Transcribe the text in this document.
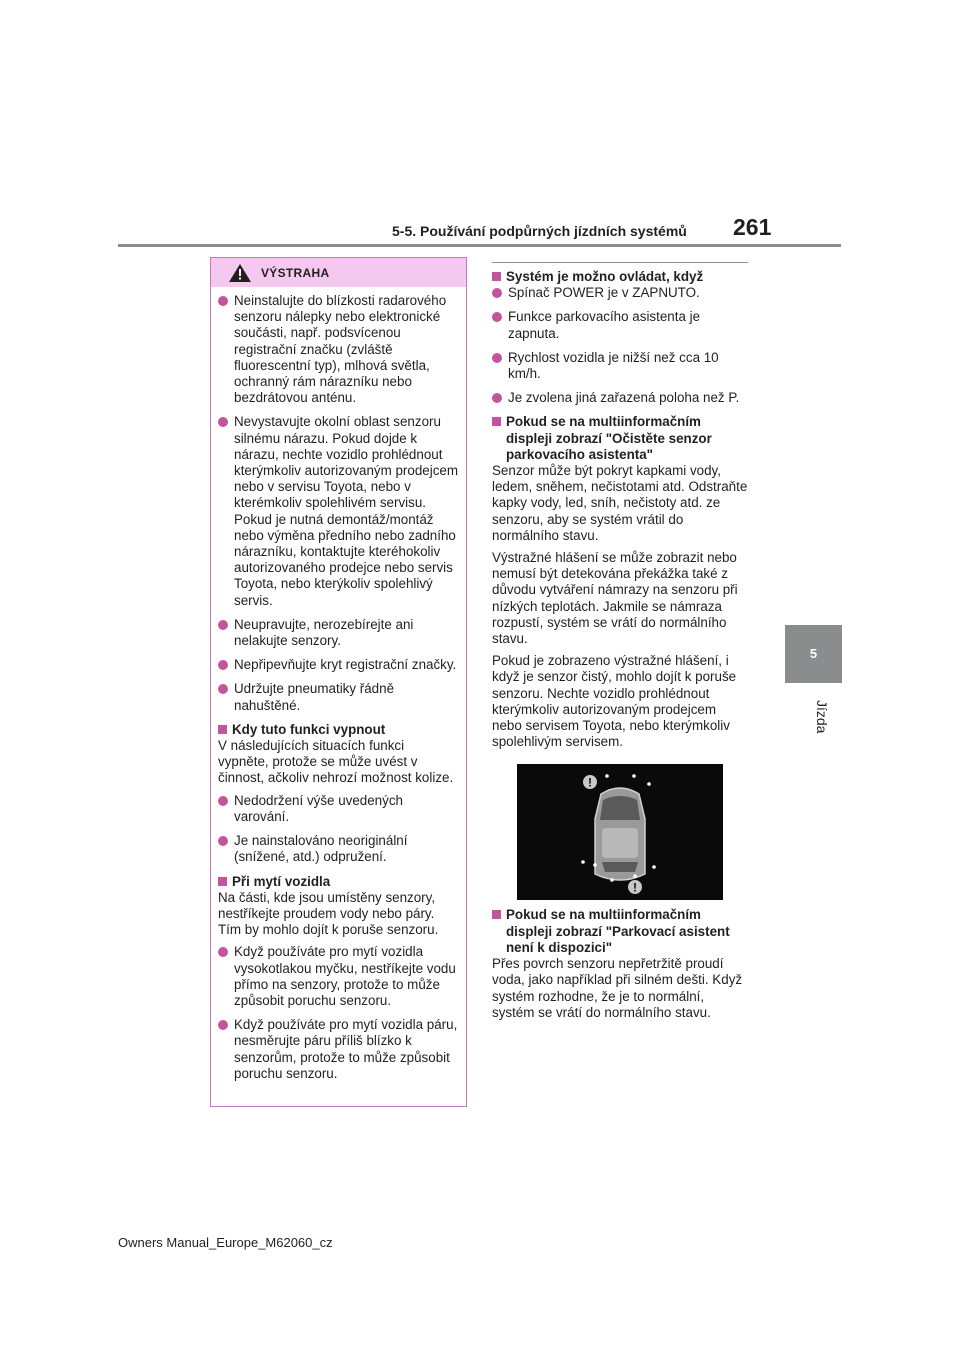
5-5. Používání podpůrných jízdních systémů 261
5
Jízda
VÝSTRAHA

Neinstalujte do blízkosti radarového senzoru nálepky nebo elektronické součásti, např. podsvícenou registrační značku (zvláště fluorescentní typ), mlhová světla, ochranný rám nárazníku nebo bezdrátovou anténu.

Nevystavujte okolní oblast senzoru silnému nárazu. Pokud dojde k nárazu, nechte vozidlo prohlédnout kterýmkoliv autorizovaným prodejcem nebo v servisu Toyota, nebo v kterémkoliv spolehlivém servisu. Pokud je nutná demontáž/montáž nebo výměna předního nebo zadního nárazníku, kontaktujte kteréhokoliv autorizovaného prodejce nebo servis Toyota, nebo kterýkoliv spolehlivý servis.

Neupravujte, nerozebírejte ani nelakujte senzory.

Nepřipevňujte kryt registrační značky.

Udržujte pneumatiky řádně nahuštěné.

Kdy tuto funkci vypnout

V následujících situacích funkci vypněte, protože se může uvést v činnost, ačkoliv nehrozí možnost kolize.

Nedodržení výše uvedených varování.

Je nainstalováno neoriginální (snížené, atd.) odpružení.

Při mytí vozidla

Na části, kde jsou umístěny senzory, nestříkejte proudem vody nebo páry. Tím by mohlo dojít k poruše senzoru.

Když používáte pro mytí vozidla vysokotlakou myčku, nestříkejte vodu přímo na senzory, protože to může způsobit poruchu senzoru.

Když používáte pro mytí vozidla páru, nesměrujte páru příliš blízko k senzorům, protože to může způsobit poruchu senzoru.

Systém je možno ovládat, když

Spínač POWER je v ZAPNUTO.

Funkce parkovacího asistenta je zapnuta.

Rychlost vozidla je nižší než cca 10 km/h.

Je zvolena jiná zařazená poloha než P.

Pokud se na multiinformačním displeji zobrazí "Očistěte senzor parkovacího asistenta"

Senzor může být pokryt kapkami vody, ledem, sněhem, nečistotami atd. Odstraňte kapky vody, led, sníh, nečistoty atd. ze senzoru, aby se systém vrátil do normálního stavu.

Výstražné hlášení se může zobrazit nebo nemusí být detekována překážka také z důvodu vytváření námrazy na senzoru při nízkých teplotách. Jakmile se námraza rozpustí, systém se vrátí do normálního stavu.

Pokud je zobrazeno výstražné hlášení, i když je senzor čistý, mohlo dojít k poruše senzoru. Nechte vozidlo prohlédnout kterýmkoliv autorizovaným prodejcem nebo servisem Toyota, nebo kterýmkoliv spolehlivým servisem.

!
!

Pokud se na multiinformačním displeji zobrazí "Parkovací asistent není k dispozici"

Přes povrch senzoru nepřetržitě proudí voda, jako například při silném dešti. Když systém rozhodne, že je to normální, systém se vrátí do normálního stavu.

Owners Manual_Europe_M62060_cz
